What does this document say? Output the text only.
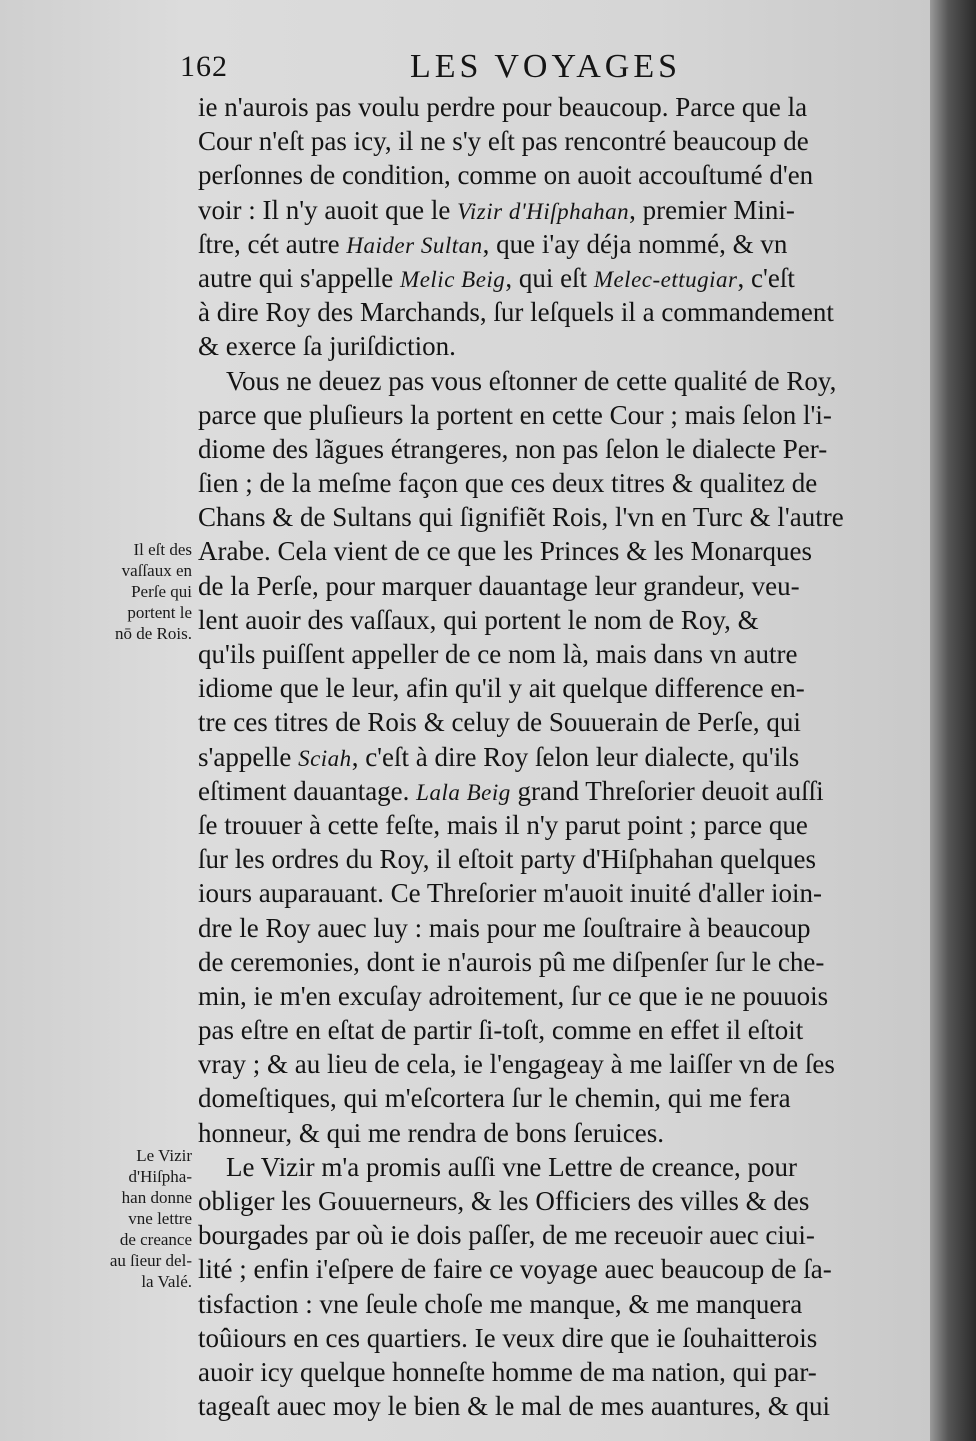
162	LES VOYAGES
Il eſt des
vaſſaux en
Perſe qui
portent le
nō de Rois.
Le Vizir
d'Hiſpha-
han donne
vne lettre
de creance
au ſieur del-
la Valé.
ie n'aurois pas voulu perdre pour beaucoup. Parce que la
Cour n'eſt pas icy, il ne s'y eſt pas rencontré beaucoup de
perſonnes de condition, comme on auoit accouſtumé d'en
voir : Il n'y auoit que le Vizir d'Hiſphahan, premier Mini-
ſtre, cét autre Haider Sultan, que i'ay déja nommé, & vn
autre qui s'appelle Melic Beig, qui eſt Melec-ettugiar, c'eſt
à dire Roy des Marchands, ſur leſquels il a commandement
& exerce ſa juriſdiction.
Vous ne deuez pas vous eſtonner de cette qualité de Roy,
parce que pluſieurs la portent en cette Cour ; mais ſelon l'i-
diome des lãgues étrangeres, non pas ſelon le dialecte Per-
ſien ; de la meſme façon que ces deux titres & qualitez de
Chans & de Sultans qui ſignifiẽt Rois, l'vn en Turc & l'autre
Arabe. Cela vient de ce que les Princes & les Monarques
de la Perſe, pour marquer dauantage leur grandeur, veu-
lent auoir des vaſſaux, qui portent le nom de Roy, &
qu'ils puiſſent appeller de ce nom là, mais dans vn autre
idiome que le leur, afin qu'il y ait quelque difference en-
tre ces titres de Rois & celuy de Souuerain de Perſe, qui
s'appelle Sciah, c'eſt à dire Roy ſelon leur dialecte, qu'ils
eſtiment dauantage. Lala Beig grand Threſorier deuoit auſſi
ſe trouuer à cette feſte, mais il n'y parut point ; parce que
ſur les ordres du Roy, il eſtoit party d'Hiſphahan quelques
iours auparauant. Ce Threſorier m'auoit inuité d'aller ioin-
dre le Roy auec luy : mais pour me ſouſtraire à beaucoup
de ceremonies, dont ie n'aurois pû me diſpenſer ſur le che-
min, ie m'en excuſay adroitement, ſur ce que ie ne pouuois
pas eſtre en eſtat de partir ſi-toſt, comme en effet il eſtoit
vray ; & au lieu de cela, ie l'engageay à me laiſſer vn de ſes
domeſtiques, qui m'eſcortera ſur le chemin, qui me fera
honneur, & qui me rendra de bons ſeruices.
Le Vizir m'a promis auſſi vne Lettre de creance, pour
obliger les Gouuerneurs, & les Officiers des villes & des
bourgades par où ie dois paſſer, de me receuoir auec ciui-
lité ; enfin i'eſpere de faire ce voyage auec beaucoup de ſa-
tisfaction : vne ſeule choſe me manque, & me manquera
toûiours en ces quartiers. Ie veux dire que ie ſouhaitterois
auoir icy quelque honneſte homme de ma nation, qui par-
tageaſt auec moy le bien & le mal de mes auantures, & qui
